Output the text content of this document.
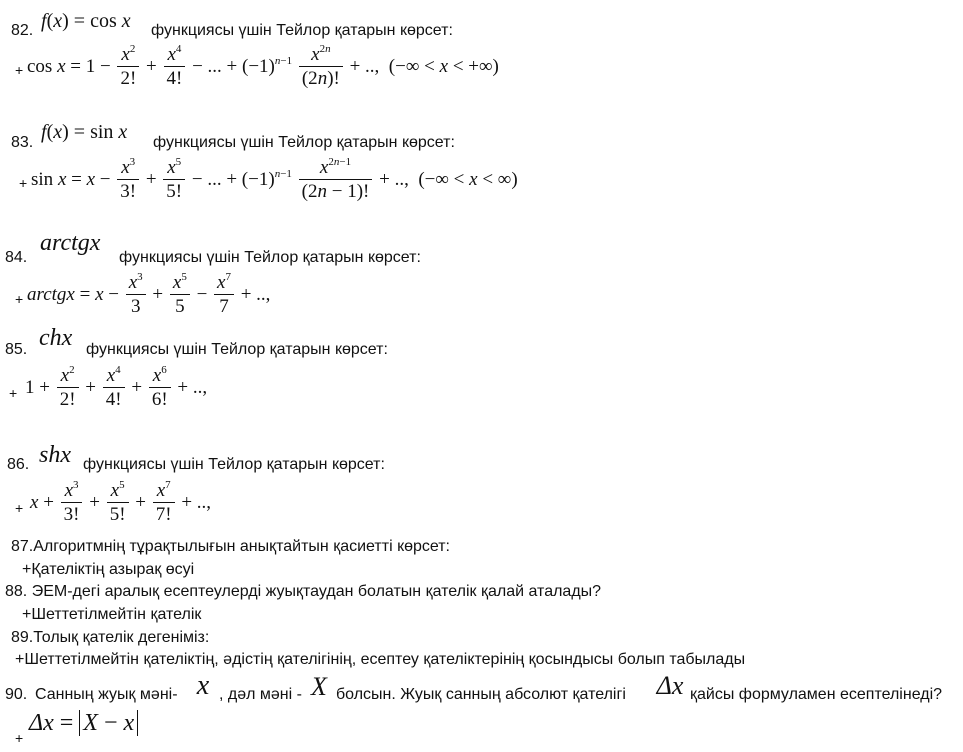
82. f(x) = cos x функциясы үшін Тейлор қатарын көрсет:
+ $\cos x = 1 - \frac{x^2}{2!} + \frac{x^4}{4!}$ − ... + $(-1)^{n-1} \frac{x^{2n}}{(2n)!}$ + ..,  (−∞ < x < +∞)
83. f(x) = sin x функциясы үшін Тейлор қатарын көрсет:
+ $\sin x = x - \frac{x^3}{3!} + \frac{x^5}{5!}$ − ... + $(-1)^{n-1} \frac{x^{2n-1}}{(2n - 1)!}$ + ..,  (−∞ < x < ∞)
84.
arctgx
функциясы үшін Тейлор қатарын көрсет:
+ arctgx = $x - \frac{x^3}{3} + \frac{x^5}{5} - \frac{x^7}{7}$ + ..,
85. chx функциясы үшін Тейлор қатарын көрсет:
+ $1 + \frac{x^2}{2!} + \frac{x^4}{4!} + \frac{x^6}{6!}$ + ..,
86. shx функциясы үшін Тейлор қатарын көрсет:
+ $x + \frac{x^3}{3!} + \frac{x^5}{5!} + \frac{x^7}{7!}$ + ..,
87.Алгоритмнің тұрақтылығын анықтайтын қасиетті көрсет:
+Қателіктің азырақ өсуі
88. ЭЕМ-дегі аралық есептеулерді жуықтаудан болатын қателік қалай аталады?
+Шеттетілмейтін қателік
89.Толық қателік дегеніміз:
+Шеттетілмейтін қателіктің, әдістің қателігінің, есептеу қателіктерінің қосындысы болып табылады
90. Санның жуық мәні- x , дәл мәні - X болсын. Жуық санның абсолют қателігі Δx қайсы формуламен есептелінеді?
+
Δx = X − x
